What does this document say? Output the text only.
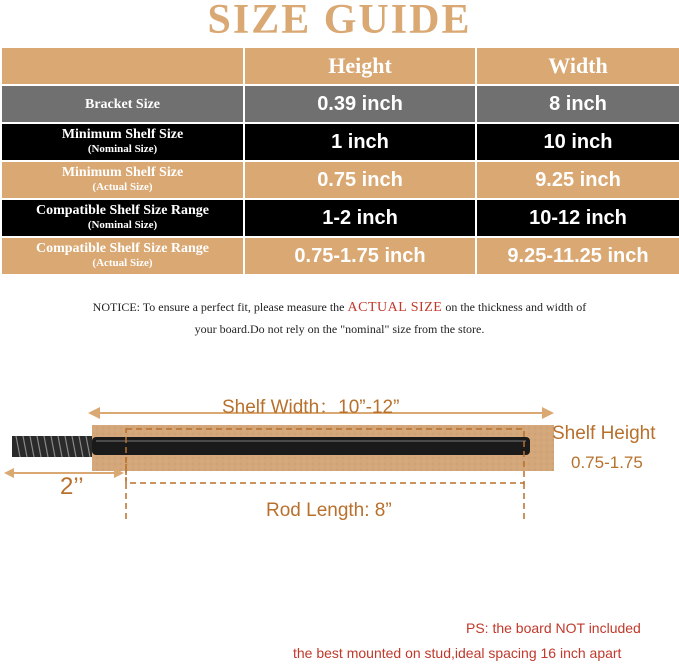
SIZE GUIDE
	Height	Width
Bracket Size	0.39 inch	8 inch
Minimum Shelf Size
(Nominal Size)	1 inch	10 inch
Minimum Shelf Size
(Actual Size)	0.75 inch	9.25 inch
Compatible Shelf Size Range
(Nominal Size)	1-2 inch	10-12 inch
Compatible Shelf Size Range
(Actual Size)	0.75-1.75 inch	9.25-11.25 inch
NOTICE: To ensure a perfect fit, please measure the ACTUAL SIZE on the thickness and width of
your board.Do not rely on the "nominal" size from the store.
Shelf Width：10”-12”
Shelf Height
0.75-1.75
2’’
Rod Length: 8”
PS: the board NOT included
the best mounted on stud,ideal spacing 16 inch apart
